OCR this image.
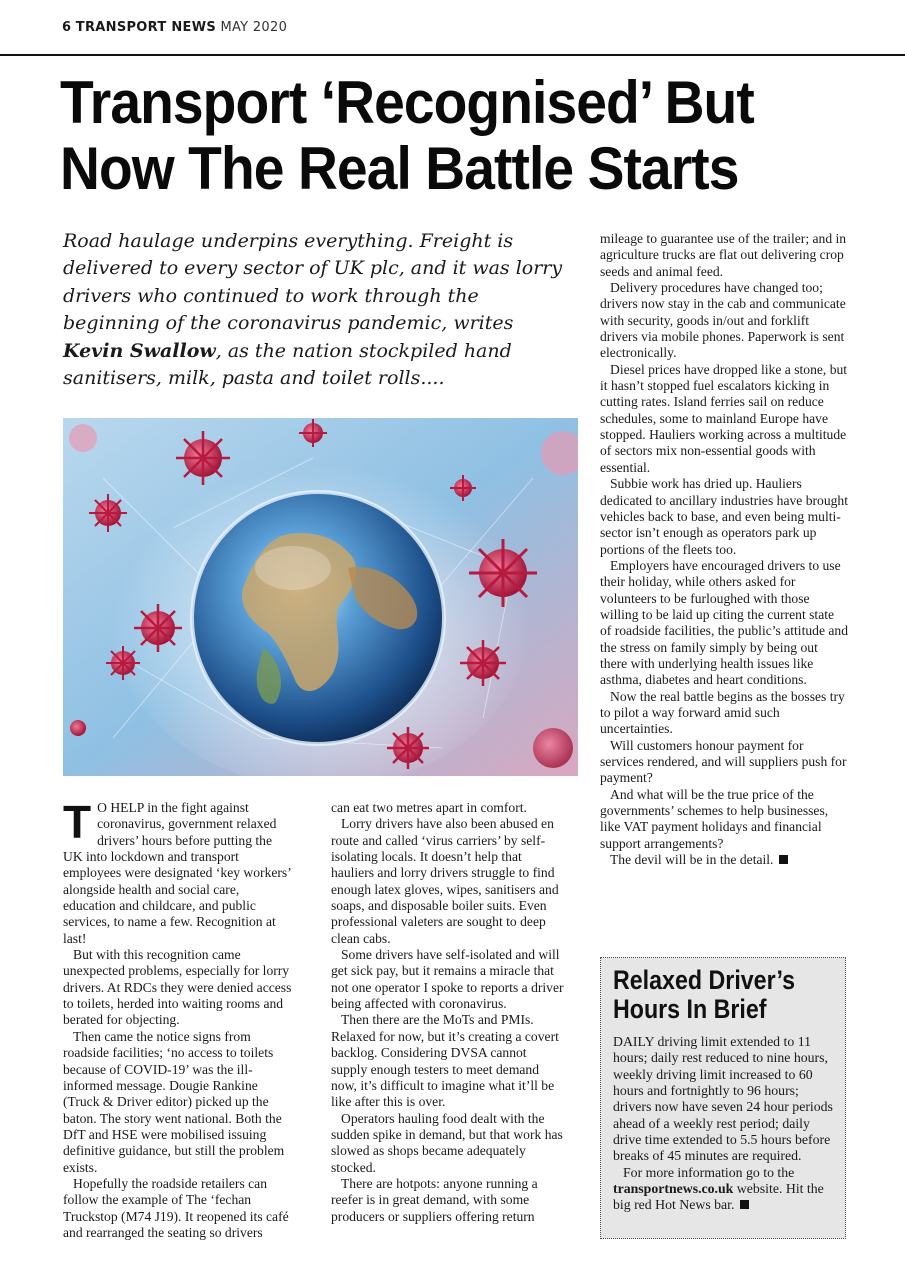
6 TRANSPORT NEWS MAY 2020
Transport ‘Recognised’ But
Now The Real Battle Starts
Road haulage underpins everything. Freight is delivered to every sector of UK plc, and it was lorry drivers who continued to work through the beginning of the coronavirus pandemic, writes Kevin Swallow, as the nation stockpiled hand sanitisers, milk, pasta and toilet rolls....

T O HELP in the fight against coronavirus, government relaxed drivers’ hours before putting the UK into lockdown and transport employees were designated ‘key workers’ alongside health and social care, education and childcare, and public services, to name a few. Recognition at last!

But with this recognition came unexpected problems, especially for lorry drivers. At RDCs they were denied access to toilets, herded into waiting rooms and berated for objecting.

Then came the notice signs from roadside facilities; ‘no access to toilets because of COVID-19’ was the ill-informed message. Dougie Rankine (Truck & Driver editor) picked up the baton. The story went national. Both the DfT and HSE were mobilised issuing definitive guidance, but still the problem exists.

Hopefully the roadside retailers can follow the example of The ‘fechan Truckstop (M74 J19). It reopened its café and rearranged the seating so drivers

can eat two metres apart in comfort.

Lorry drivers have also been abused en route and called ‘virus carriers’ by self-isolating locals. It doesn’t help that hauliers and lorry drivers struggle to find enough latex gloves, wipes, sanitisers and soaps, and disposable boiler suits. Even professional valeters are sought to deep clean cabs.

Some drivers have self-isolated and will get sick pay, but it remains a miracle that not one operator I spoke to reports a driver being affected with coronavirus.

Then there are the MoTs and PMIs. Relaxed for now, but it’s creating a covert backlog. Considering DVSA cannot supply enough testers to meet demand now, it’s difficult to imagine what it’ll be like after this is over.

Operators hauling food dealt with the sudden spike in demand, but that work has slowed as shops became adequately stocked.

There are hotpots: anyone running a reefer is in great demand, with some producers or suppliers offering return

mileage to guarantee use of the trailer; and in agriculture trucks are flat out delivering crop seeds and animal feed.

Delivery procedures have changed too; drivers now stay in the cab and communicate with security, goods in/out and forklift drivers via mobile phones. Paperwork is sent electronically.

Diesel prices have dropped like a stone, but it hasn’t stopped fuel escalators kicking in cutting rates. Island ferries sail on reduce schedules, some to mainland Europe have stopped. Hauliers working across a multitude of sectors mix non-essential goods with essential.

Subbie work has dried up. Hauliers dedicated to ancillary industries have brought vehicles back to base, and even being multi-sector isn’t enough as operators park up portions of the fleets too.

Employers have encouraged drivers to use their holiday, while others asked for volunteers to be furloughed with those willing to be laid up citing the current state of roadside facilities, the public’s attitude and the stress on family simply by being out there with underlying health issues like asthma, diabetes and heart conditions.

Now the real battle begins as the bosses try to pilot a way forward amid such uncertainties.

Will customers honour payment for services rendered, and will suppliers push for payment?

And what will be the true price of the governments’ schemes to help businesses, like VAT payment holidays and financial support arrangements?

The devil will be in the detail.

Relaxed Driver’s
Hours In Brief

DAILY driving limit extended to 11 hours; daily rest reduced to nine hours, weekly driving limit increased to 60 hours and fortnightly to 96 hours; drivers now have seven 24 hour periods ahead of a weekly rest period; daily drive time extended to 5.5 hours before breaks of 45 minutes are required.

For more information go to the transportnews.co.uk website. Hit the big red Hot News bar.
